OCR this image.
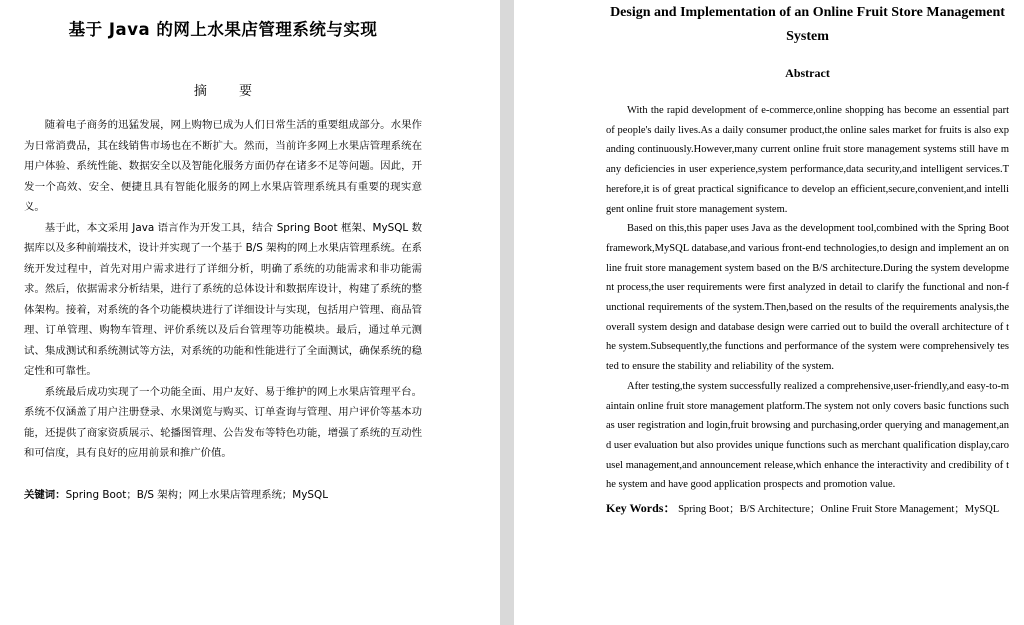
基于 Java 的网上水果店管理系统与实现
摘 要

随着电子商务的迅猛发展，网上购物已成为人们日常生活的重要组成部分。水果作为日常消费品，其在线销售市场也在不断扩大。然而，当前许多网上水果店管理系统在用户体验、系统性能、数据安全以及智能化服务方面仍存在诸多不足等问题。因此，开发一个高效、安全、便捷且具有智能化服务的网上水果店管理系统具有重要的现实意义。

基于此，本文采用 Java 语言作为开发工具，结合 Spring Boot 框架、MySQL 数据库以及多种前端技术，设计并实现了一个基于 B/S 架构的网上水果店管理系统。在系统开发过程中，首先对用户需求进行了详细分析，明确了系统的功能需求和非功能需求。然后，依据需求分析结果，进行了系统的总体设计和数据库设计，构建了系统的整体架构。接着，对系统的各个功能模块进行了详细设计与实现，包括用户管理、商品管理、订单管理、购物车管理、评价系统以及后台管理等功能模块。最后，通过单元测试、集成测试和系统测试等方法，对系统的功能和性能进行了全面测试，确保系统的稳定性和可靠性。

系统最后成功实现了一个功能全面、用户友好、易于维护的网上水果店管理平台。系统不仅涵盖了用户注册登录、水果浏览与购买、订单查询与管理、用户评价等基本功能，还提供了商家资质展示、轮播图管理、公告发布等特色功能，增强了系统的互动性和可信度，具有良好的应用前景和推广价值。

关键词：Spring Boot；B/S 架构；网上水果店管理系统；MySQL
Design and Implementation of an Online Fruit Store Management System
Abstract

With the rapid development of e-commerce,online shopping has become an essential part of people's daily lives.As a daily consumer product,the online sales market for fruits is also expanding continuously.However,many current online fruit store management systems still have many deficiencies in user experience,system performance,data security,and intelligent services.Therefore,it is of great practical significance to develop an efficient,secure,convenient,and intelligent online fruit store management system.

Based on this,this paper uses Java as the development tool,combined with the Spring Boot framework,MySQL database,and various front-end technologies,to design and implement an online fruit store management system based on the B/S architecture.During the system development process,the user requirements were first analyzed in detail to clarify the functional and non-functional requirements of the system.Then,based on the results of the requirements analysis,the overall system design and database design were carried out to build the overall architecture of the system.Subsequently,the functions and performance of the system were comprehensively tested to ensure the stability and reliability of the system.

After testing,the system successfully realized a comprehensive,user-friendly,and easy-to-maintain online fruit store management platform.The system not only covers basic functions such as user registration and login,fruit browsing and purchasing,order querying and management,and user evaluation but also provides unique functions such as merchant qualification display,carousel management,and announcement release,which enhance the interactivity and credibility of the system and have good application prospects and promotion value.

Key Words： Spring Boot；B/S Architecture；Online Fruit Store Management；MySQL
